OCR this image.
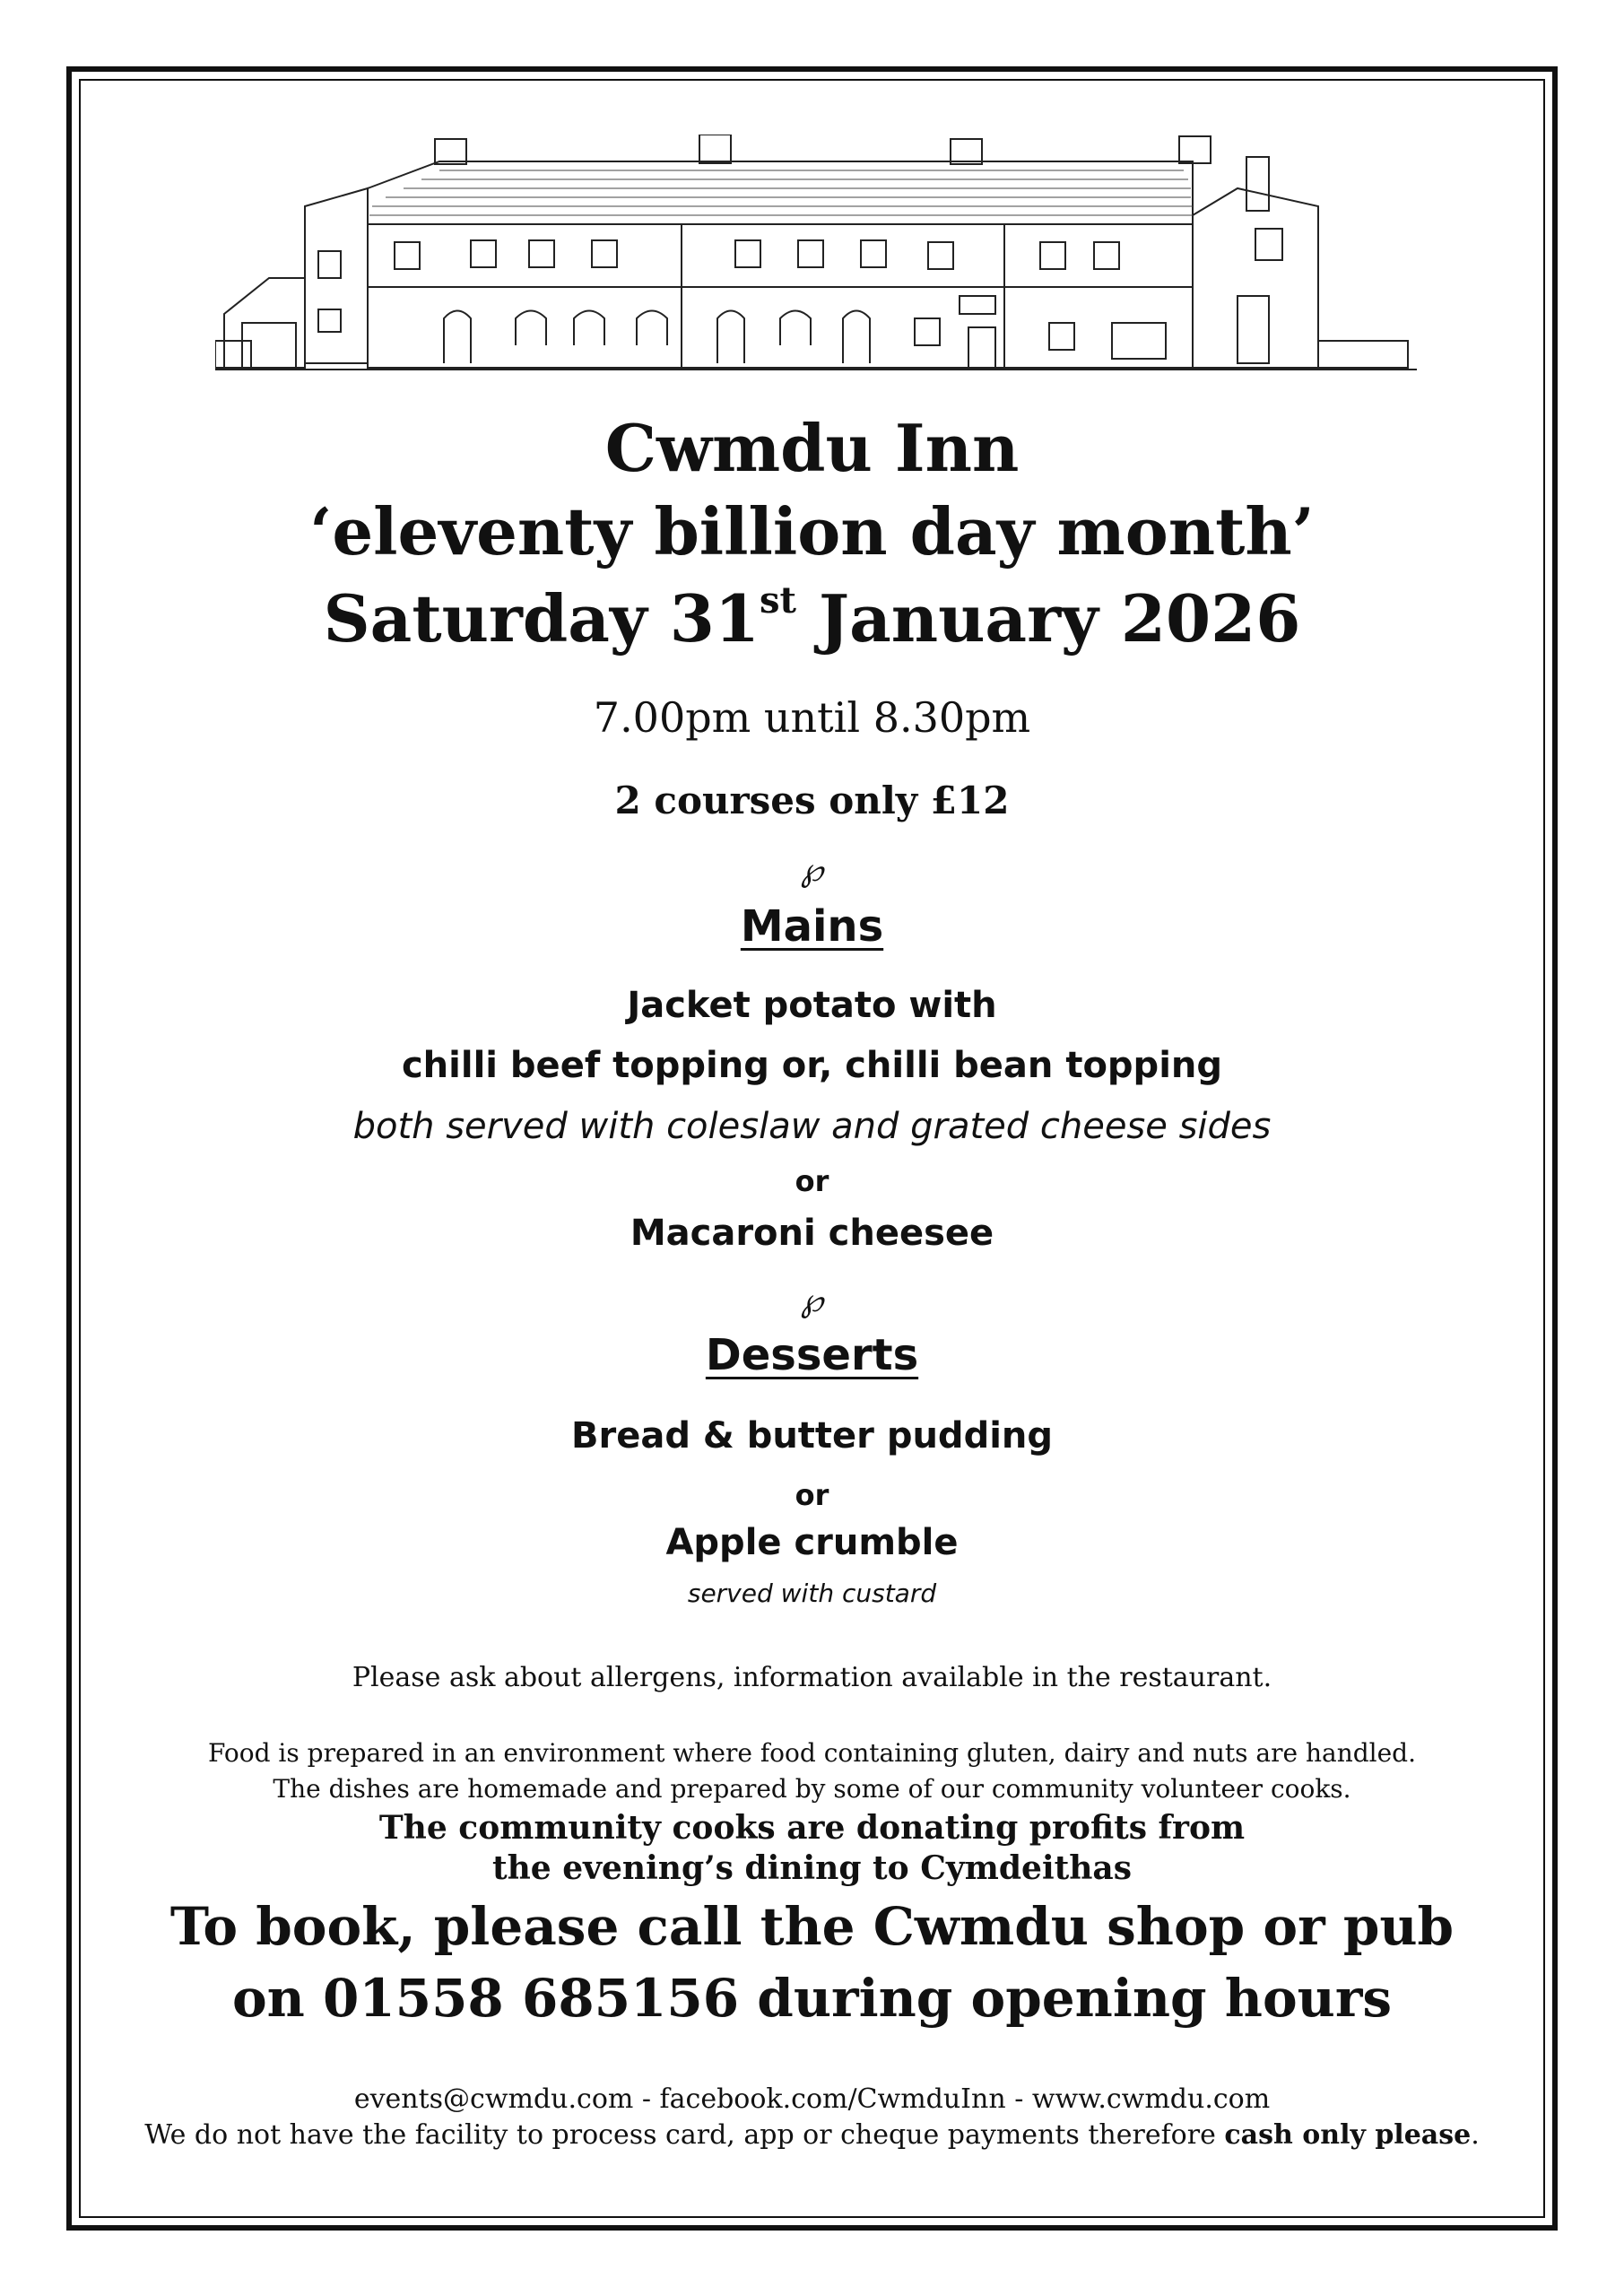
Cwmdu Inn
‘eleventy billion day month’
Saturday 31st January 2026
7.00pm until 8.30pm
2 courses only £12
℘
Mains
Jacket potato with
chilli beef topping or, chilli bean topping
both served with coleslaw and grated cheese sides
or
Macaroni cheesee
℘
Desserts
Bread & butter pudding
or
Apple crumble
served with custard
Please ask about allergens, information available in the restaurant.
Food is prepared in an environment where food containing gluten, dairy and nuts are handled.
The dishes are homemade and prepared by some of our community volunteer cooks.
The community cooks are donating profits from
the evening’s dining to Cymdeithas
To book, please call the Cwmdu shop or pub
on 01558 685156 during opening hours
events@cwmdu.com - facebook.com/CwmduInn - www.cwmdu.com
We do not have the facility to process card, app or cheque payments therefore cash only please.
